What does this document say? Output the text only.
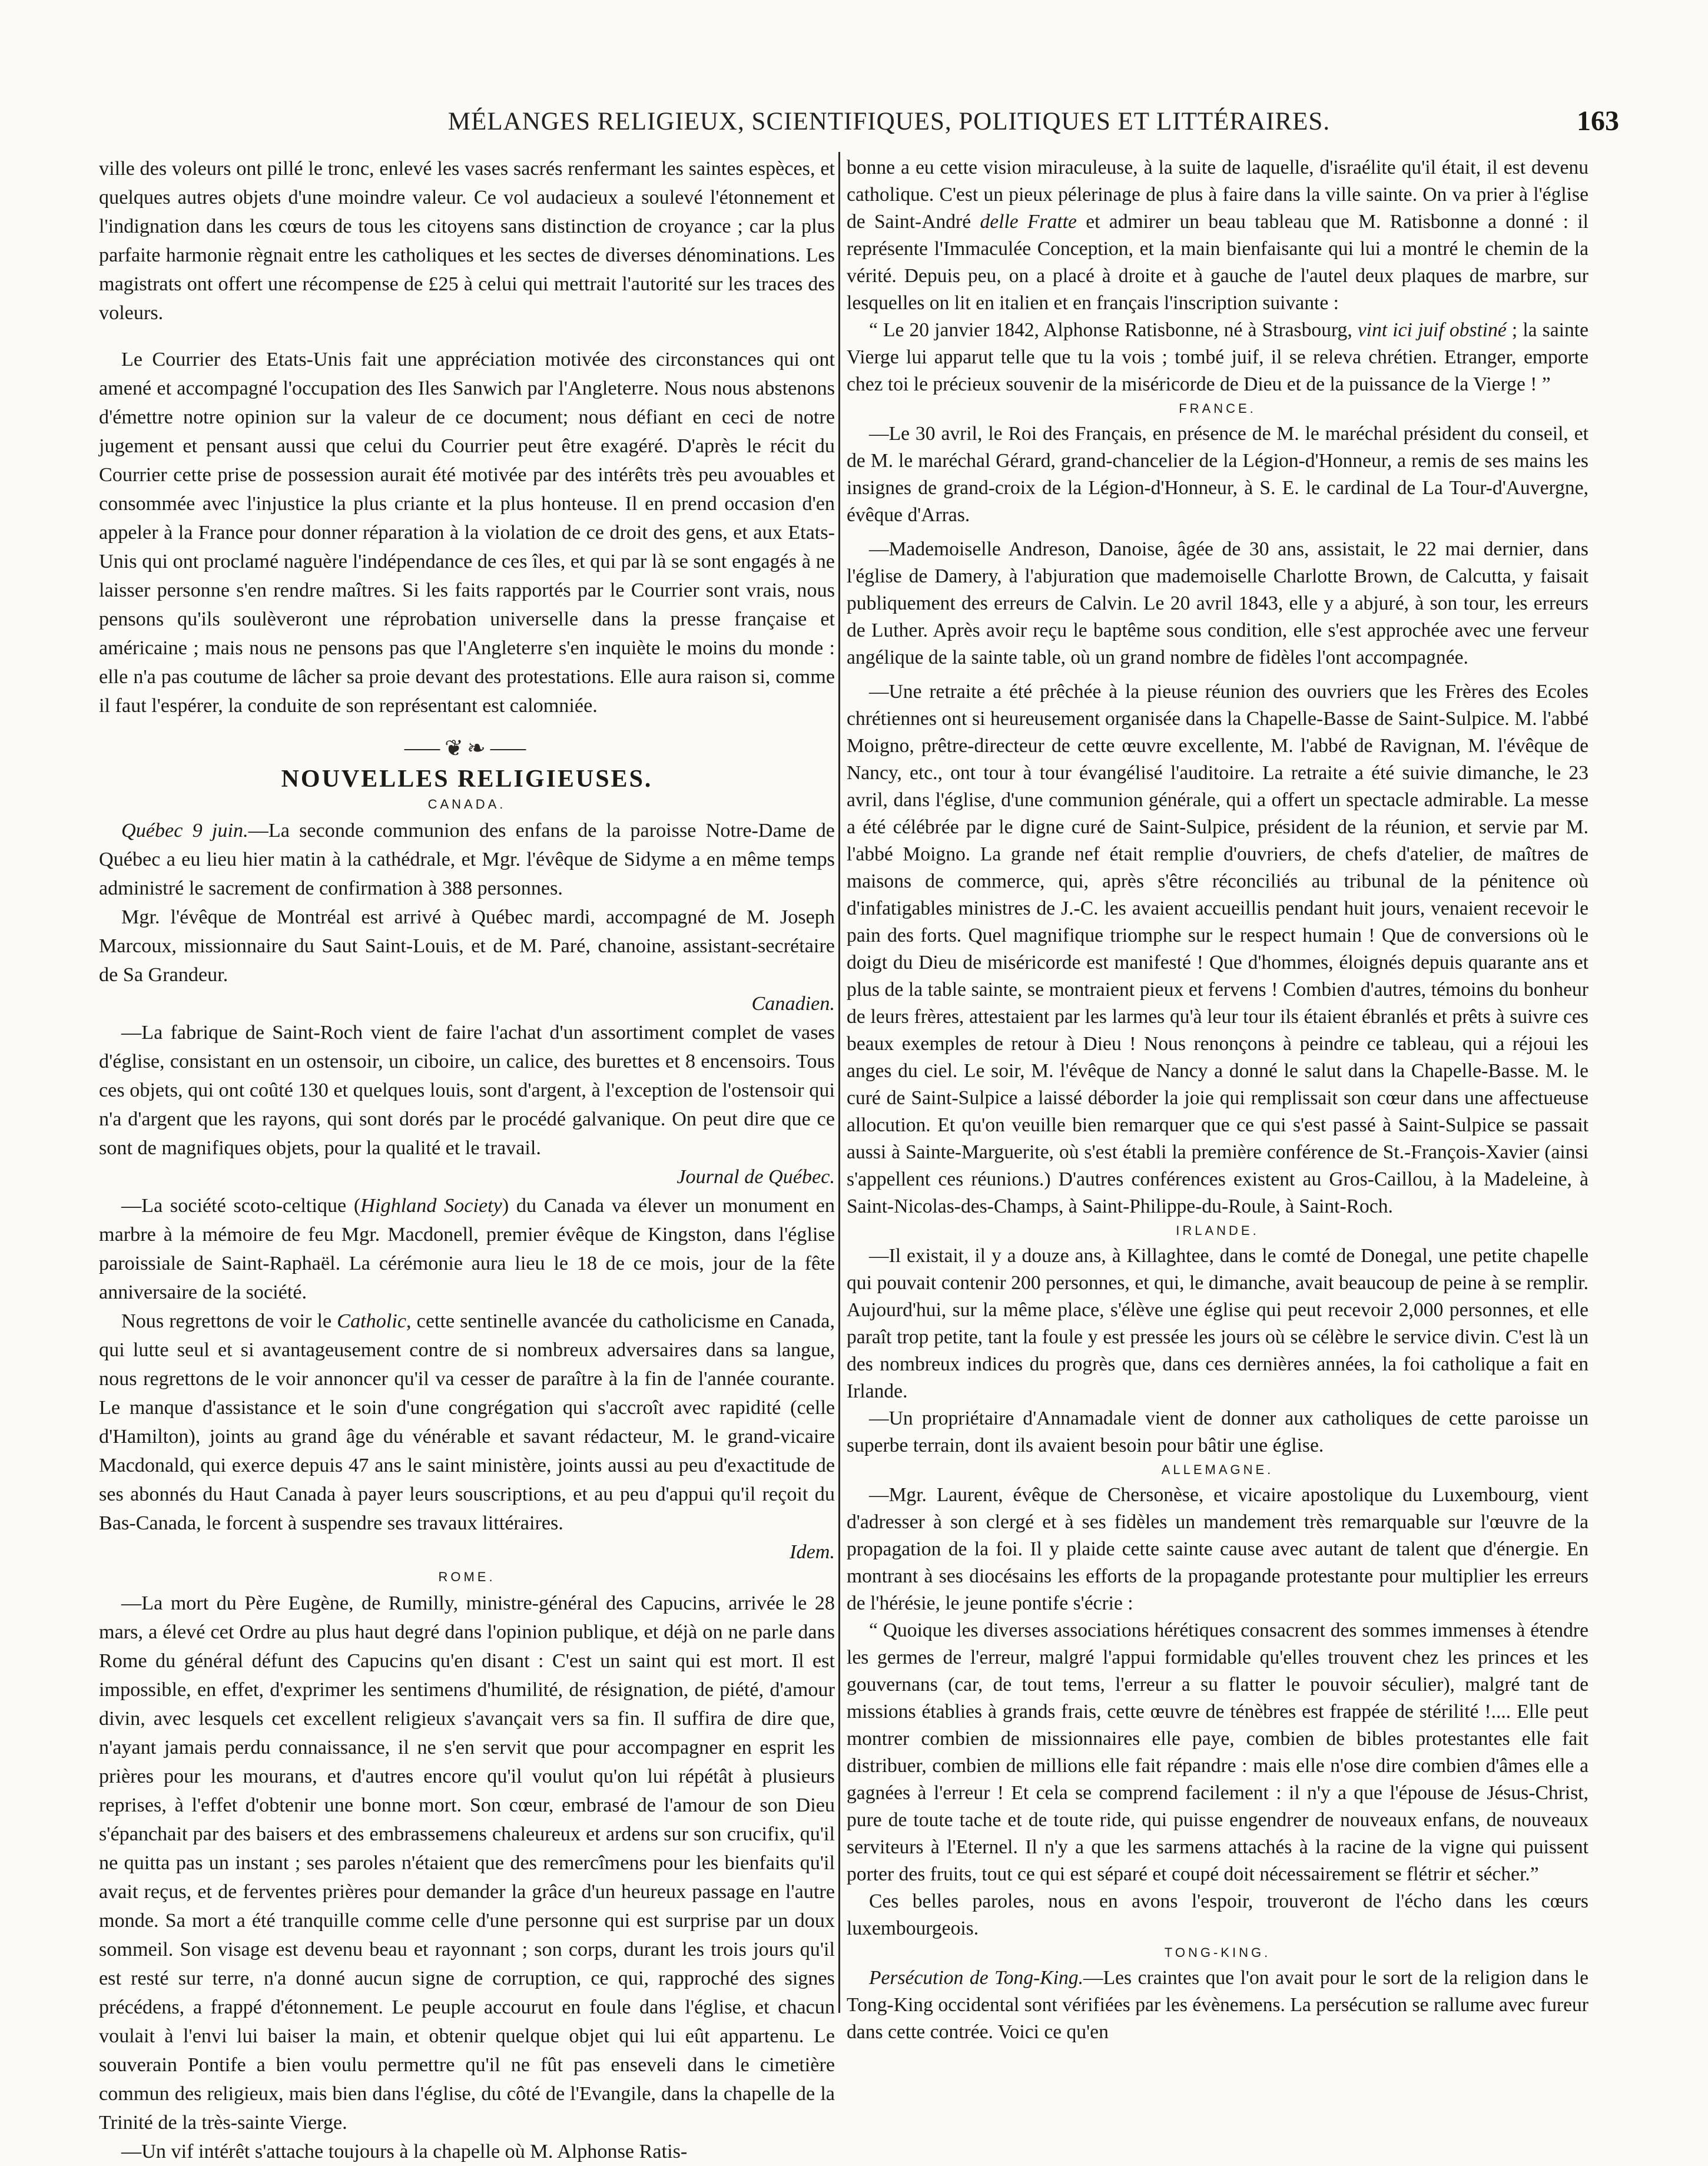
MÉLANGES RELIGIEUX, SCIENTIFIQUES, POLITIQUES ET LITTÉRAIRES.	163

ville des voleurs ont pillé le tronc, enlevé les vases sacrés renfermant les saintes espèces, et quelques autres objets d'une moindre valeur. Ce vol audacieux a soulevé l'étonnement et l'indignation dans les cœurs de tous les citoyens sans distinction de croyance ; car la plus parfaite harmonie règnait entre les catholiques et les sectes de diverses dénominations. Les magistrats ont offert une récompense de £25 à celui qui mettrait l'autorité sur les traces des voleurs.

Le Courrier des Etats-Unis fait une appréciation motivée des circonstances qui ont amené et accompagné l'occupation des Iles Sanwich par l'Angleterre. Nous nous abstenons d'émettre notre opinion sur la valeur de ce document; nous défiant en ceci de notre jugement et pensant aussi que celui du Courrier peut être exagéré. D'après le récit du Courrier cette prise de possession aurait été motivée par des intérêts très peu avouables et consommée avec l'injustice la plus criante et la plus honteuse. Il en prend occasion d'en appeler à la France pour donner réparation à la violation de ce droit des gens, et aux Etats-Unis qui ont proclamé naguère l'indépendance de ces îles, et qui par là se sont engagés à ne laisser personne s'en rendre maîtres. Si les faits rapportés par le Courrier sont vrais, nous pensons qu'ils soulèveront une réprobation universelle dans la presse française et américaine ; mais nous ne pensons pas que l'Angleterre s'en inquiète le moins du monde : elle n'a pas coutume de lâcher sa proie devant des protestations. Elle aura raison si, comme il faut l'espérer, la conduite de son représentant est calomniée.

⸺❦❧⸺
NOUVELLES RELIGIEUSES.
CANADA.

Québec 9 juin.—La seconde communion des enfans de la paroisse Notre-Dame de Québec a eu lieu hier matin à la cathédrale, et Mgr. l'évêque de Sidyme a en même temps administré le sacrement de confirmation à 388 personnes.

Mgr. l'évêque de Montréal est arrivé à Québec mardi, accompagné de M. Joseph Marcoux, missionnaire du Saut Saint-Louis, et de M. Paré, chanoine, assistant-secrétaire de Sa Grandeur.
Canadien.

—La fabrique de Saint-Roch vient de faire l'achat d'un assortiment complet de vases d'église, consistant en un ostensoir, un ciboire, un calice, des burettes et 8 encensoirs. Tous ces objets, qui ont coûté 130 et quelques louis, sont d'argent, à l'exception de l'ostensoir qui n'a d'argent que les rayons, qui sont dorés par le procédé galvanique. On peut dire que ce sont de magnifiques objets, pour la qualité et le travail.
Journal de Québec.

—La société scoto-celtique (Highland Society) du Canada va élever un monument en marbre à la mémoire de feu Mgr. Macdonell, premier évêque de Kingston, dans l'église paroissiale de Saint-Raphaël. La cérémonie aura lieu le 18 de ce mois, jour de la fête anniversaire de la société.

Nous regrettons de voir le Catholic, cette sentinelle avancée du catholicisme en Canada, qui lutte seul et si avantageusement contre de si nombreux adversaires dans sa langue, nous regrettons de le voir annoncer qu'il va cesser de paraître à la fin de l'année courante. Le manque d'assistance et le soin d'une congrégation qui s'accroît avec rapidité (celle d'Hamilton), joints au grand âge du vénérable et savant rédacteur, M. le grand-vicaire Macdonald, qui exerce depuis 47 ans le saint ministère, joints aussi au peu d'exactitude de ses abonnés du Haut Canada à payer leurs souscriptions, et au peu d'appui qu'il reçoit du Bas-Canada, le forcent à suspendre ses travaux littéraires.
Idem.

ROME.

—La mort du Père Eugène, de Rumilly, ministre-général des Capucins, arrivée le 28 mars, a élevé cet Ordre au plus haut degré dans l'opinion publique, et déjà on ne parle dans Rome du général défunt des Capucins qu'en disant : C'est un saint qui est mort. Il est impossible, en effet, d'exprimer les sentimens d'humilité, de résignation, de piété, d'amour divin, avec lesquels cet excellent religieux s'avançait vers sa fin. Il suffira de dire que, n'ayant jamais perdu connaissance, il ne s'en servit que pour accompagner en esprit les prières pour les mourans, et d'autres encore qu'il voulut qu'on lui répétât à plusieurs reprises, à l'effet d'obtenir une bonne mort. Son cœur, embrasé de l'amour de son Dieu s'épanchait par des baisers et des embrassemens chaleureux et ardens sur son crucifix, qu'il ne quitta pas un instant ; ses paroles n'étaient que des remercîmens pour les bienfaits qu'il avait reçus, et de ferventes prières pour demander la grâce d'un heureux passage en l'autre monde. Sa mort a été tranquille comme celle d'une personne qui est surprise par un doux sommeil. Son visage est devenu beau et rayonnant ; son corps, durant les trois jours qu'il est resté sur terre, n'a donné aucun signe de corruption, ce qui, rapproché des signes précédens, a frappé d'étonnement. Le peuple accourut en foule dans l'église, et chacun voulait à l'envi lui baiser la main, et obtenir quelque objet qui lui eût appartenu. Le souverain Pontife a bien voulu permettre qu'il ne fût pas enseveli dans le cimetière commun des religieux, mais bien dans l'église, du côté de l'Evangile, dans la chapelle de la Trinité de la très-sainte Vierge.

—Un vif intérêt s'attache toujours à la chapelle où M. Alphonse Ratis-

bonne a eu cette vision miraculeuse, à la suite de laquelle, d'israélite qu'il était, il est devenu catholique. C'est un pieux pélerinage de plus à faire dans la ville sainte. On va prier à l'église de Saint-André delle Fratte et admirer un beau tableau que M. Ratisbonne a donné : il représente l'Immaculée Conception, et la main bienfaisante qui lui a montré le chemin de la vérité. Depuis peu, on a placé à droite et à gauche de l'autel deux plaques de marbre, sur lesquelles on lit en italien et en français l'inscription suivante :

“ Le 20 janvier 1842, Alphonse Ratisbonne, né à Strasbourg, vint ici juif obstiné ; la sainte Vierge lui apparut telle que tu la vois ; tombé juif, il se releva chrétien. Etranger, emporte chez toi le précieux souvenir de la miséricorde de Dieu et de la puissance de la Vierge ! ”

FRANCE.

—Le 30 avril, le Roi des Français, en présence de M. le maréchal président du conseil, et de M. le maréchal Gérard, grand-chancelier de la Légion-d'Honneur, a remis de ses mains les insignes de grand-croix de la Légion-d'Honneur, à S. E. le cardinal de La Tour-d'Auvergne, évêque d'Arras.

—Mademoiselle Andreson, Danoise, âgée de 30 ans, assistait, le 22 mai dernier, dans l'église de Damery, à l'abjuration que mademoiselle Charlotte Brown, de Calcutta, y faisait publiquement des erreurs de Calvin. Le 20 avril 1843, elle y a abjuré, à son tour, les erreurs de Luther. Après avoir reçu le baptême sous condition, elle s'est approchée avec une ferveur angélique de la sainte table, où un grand nombre de fidèles l'ont accompagnée.

—Une retraite a été prêchée à la pieuse réunion des ouvriers que les Frères des Ecoles chrétiennes ont si heureusement organisée dans la Chapelle-Basse de Saint-Sulpice. M. l'abbé Moigno, prêtre-directeur de cette œuvre excellente, M. l'abbé de Ravignan, M. l'évêque de Nancy, etc., ont tour à tour évangélisé l'auditoire. La retraite a été suivie dimanche, le 23 avril, dans l'église, d'une communion générale, qui a offert un spectacle admirable. La messe a été célébrée par le digne curé de Saint-Sulpice, président de la réunion, et servie par M. l'abbé Moigno. La grande nef était remplie d'ouvriers, de chefs d'atelier, de maîtres de maisons de commerce, qui, après s'être réconciliés au tribunal de la pénitence où d'infatigables ministres de J.-C. les avaient accueillis pendant huit jours, venaient recevoir le pain des forts. Quel magnifique triomphe sur le respect humain ! Que de conversions où le doigt du Dieu de miséricorde est manifesté ! Que d'hommes, éloignés depuis quarante ans et plus de la table sainte, se montraient pieux et fervens ! Combien d'autres, témoins du bonheur de leurs frères, attestaient par les larmes qu'à leur tour ils étaient ébranlés et prêts à suivre ces beaux exemples de retour à Dieu ! Nous renonçons à peindre ce tableau, qui a réjoui les anges du ciel. Le soir, M. l'évêque de Nancy a donné le salut dans la Chapelle-Basse. M. le curé de Saint-Sulpice a laissé déborder la joie qui remplissait son cœur dans une affectueuse allocution. Et qu'on veuille bien remarquer que ce qui s'est passé à Saint-Sulpice se passait aussi à Sainte-Marguerite, où s'est établi la première conférence de St.-François-Xavier (ainsi s'appellent ces réunions.) D'autres conférences existent au Gros-Caillou, à la Madeleine, à Saint-Nicolas-des-Champs, à Saint-Philippe-du-Roule, à Saint-Roch.

IRLANDE.

—Il existait, il y a douze ans, à Killaghtee, dans le comté de Donegal, une petite chapelle qui pouvait contenir 200 personnes, et qui, le dimanche, avait beaucoup de peine à se remplir. Aujourd'hui, sur la même place, s'élève une église qui peut recevoir 2,000 personnes, et elle paraît trop petite, tant la foule y est pressée les jours où se célèbre le service divin. C'est là un des nombreux indices du progrès que, dans ces dernières années, la foi catholique a fait en Irlande.

—Un propriétaire d'Annamadale vient de donner aux catholiques de cette paroisse un superbe terrain, dont ils avaient besoin pour bâtir une église.

ALLEMAGNE.

—Mgr. Laurent, évêque de Chersonèse, et vicaire apostolique du Luxembourg, vient d'adresser à son clergé et à ses fidèles un mandement très remarquable sur l'œuvre de la propagation de la foi. Il y plaide cette sainte cause avec autant de talent que d'énergie. En montrant à ses diocésains les efforts de la propagande protestante pour multiplier les erreurs de l'hérésie, le jeune pontife s'écrie :

“ Quoique les diverses associations hérétiques consacrent des sommes immenses à étendre les germes de l'erreur, malgré l'appui formidable qu'elles trouvent chez les princes et les gouvernans (car, de tout tems, l'erreur a su flatter le pouvoir séculier), malgré tant de missions établies à grands frais, cette œuvre de ténèbres est frappée de stérilité !.... Elle peut montrer combien de missionnaires elle paye, combien de bibles protestantes elle fait distribuer, combien de millions elle fait répandre : mais elle n'ose dire combien d'âmes elle a gagnées à l'erreur ! Et cela se comprend facilement : il n'y a que l'épouse de Jésus-Christ, pure de toute tache et de toute ride, qui puisse engendrer de nouveaux enfans, de nouveaux serviteurs à l'Eternel. Il n'y a que les sarmens attachés à la racine de la vigne qui puissent porter des fruits, tout ce qui est séparé et coupé doit nécessairement se flétrir et sécher.”

Ces belles paroles, nous en avons l'espoir, trouveront de l'écho dans les cœurs luxembourgeois.

TONG-KING.

Persécution de Tong-King.—Les craintes que l'on avait pour le sort de la religion dans le Tong-King occidental sont vérifiées par les évènemens. La persécution se rallume avec fureur dans cette contrée. Voici ce qu'en
